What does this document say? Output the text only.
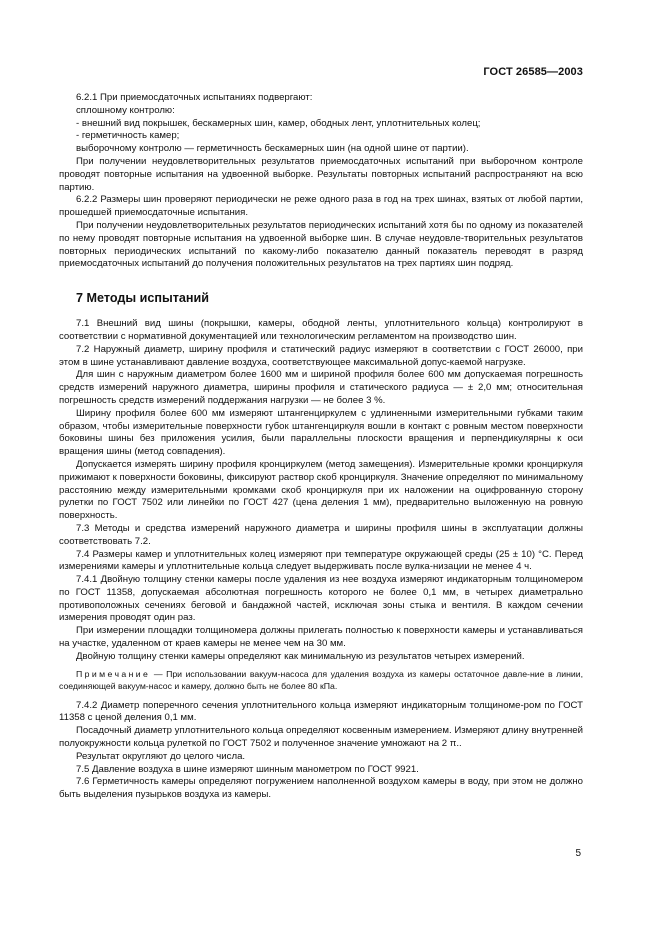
ГОСТ 26585—2003

6.2.1 При приемосдаточных испытаниях подвергают:

сплошному контролю:

- внешний вид покрышек, бескамерных шин, камер, ободных лент, уплотнительных колец;

- герметичность камер;

выборочному контролю — герметичность бескамерных шин (на одной шине от партии).

При получении неудовлетворительных результатов приемосдаточных испытаний при выборочном контроле проводят повторные испытания на удвоенной выборке. Результаты повторных испытаний распространяют на всю партию.

6.2.2 Размеры шин проверяют периодически не реже одного раза в год на трех шинах, взятых от любой партии, прошедшей приемосдаточные испытания.

При получении неудовлетворительных результатов периодических испытаний хотя бы по одному из показателей по нему проводят повторные испытания на удвоенной выборке шин. В случае неудовле-творительных результатов повторных периодических испытаний по какому-либо показателю данный показатель переводят в разряд приемосдаточных испытаний до получения положительных результатов на трех партиях шин подряд.

7 Методы испытаний

7.1 Внешний вид шины (покрышки, камеры, ободной ленты, уплотнительного кольца) контролируют в соответствии с нормативной документацией или технологическим регламентом на производство шин.

7.2 Наружный диаметр, ширину профиля и статический радиус измеряют в соответствии с ГОСТ 26000, при этом в шине устанавливают давление воздуха, соответствующее максимальной допус-каемой нагрузке.

Для шин с наружным диаметром более 1600 мм и шириной профиля более 600 мм допускаемая погрешность средств измерений наружного диаметра, ширины профиля и статического радиуса — ± 2,0 мм; относительная погрешность средств измерений поддержания нагрузки — не более 3 %.

Ширину профиля более 600 мм измеряют штангенциркулем с удлиненными измерительными губками таким образом, чтобы измерительные поверхности губок штангенциркуля вошли в контакт с ровным местом поверхности боковины шины без приложения усилия, были параллельны плоскости вращения и перпендикулярны к оси вращения шины (метод совпадения).

Допускается измерять ширину профиля кронциркулем (метод замещения). Измерительные кромки кронциркуля прижимают к поверхности боковины, фиксируют раствор скоб кронциркуля. Значение определяют по минимальному расстоянию между измерительными кромками скоб кронциркуля при их наложении на оцифрованную сторону рулетки по ГОСТ 7502 или линейки по ГОСТ 427 (цена деления 1 мм), предварительно выложенную на ровную поверхность.

7.3 Методы и средства измерений наружного диаметра и ширины профиля шины в эксплуатации должны соответствовать 7.2.

7.4 Размеры камер и уплотнительных колец измеряют при температуре окружающей среды (25 ± 10) °С. Перед измерениями камеры и уплотнительные кольца следует выдерживать после вулка-низации не менее 4 ч.

7.4.1 Двойную толщину стенки камеры после удаления из нее воздуха измеряют индикаторным толщиномером по ГОСТ 11358, допускаемая абсолютная погрешность которого не более 0,1 мм, в четырех диаметрально противоположных сечениях беговой и бандажной частей, исключая зоны стыка и вентиля. В каждом сечении измерения проводят один раз.

При измерении площадки толщиномера должны прилегать полностью к поверхности камеры и устанавливаться на участке, удаленном от краев камеры не менее чем на 30 мм.

Двойную толщину стенки камеры определяют как минимальную из результатов четырех измерений.

Примечание — При использовании вакуум-насоса для удаления воздуха из камеры остаточное давле-ние в линии, соединяющей вакуум-насос и камеру, должно быть не более 80 кПа.

7.4.2 Диаметр поперечного сечения уплотнительного кольца измеряют индикаторным толщиноме-ром по ГОСТ 11358 с ценой деления 0,1 мм.

Посадочный диаметр уплотнительного кольца определяют косвенным измерением. Измеряют длину внутренней полуокружности кольца рулеткой по ГОСТ 7502 и полученное значение умножают на 2 π..

Результат округляют до целого числа.

7.5 Давление воздуха в шине измеряют шинным манометром по ГОСТ 9921.

7.6 Герметичность камеры определяют погружением наполненной воздухом камеры в воду, при этом не должно быть выделения пузырьков воздуха из камеры.

5
